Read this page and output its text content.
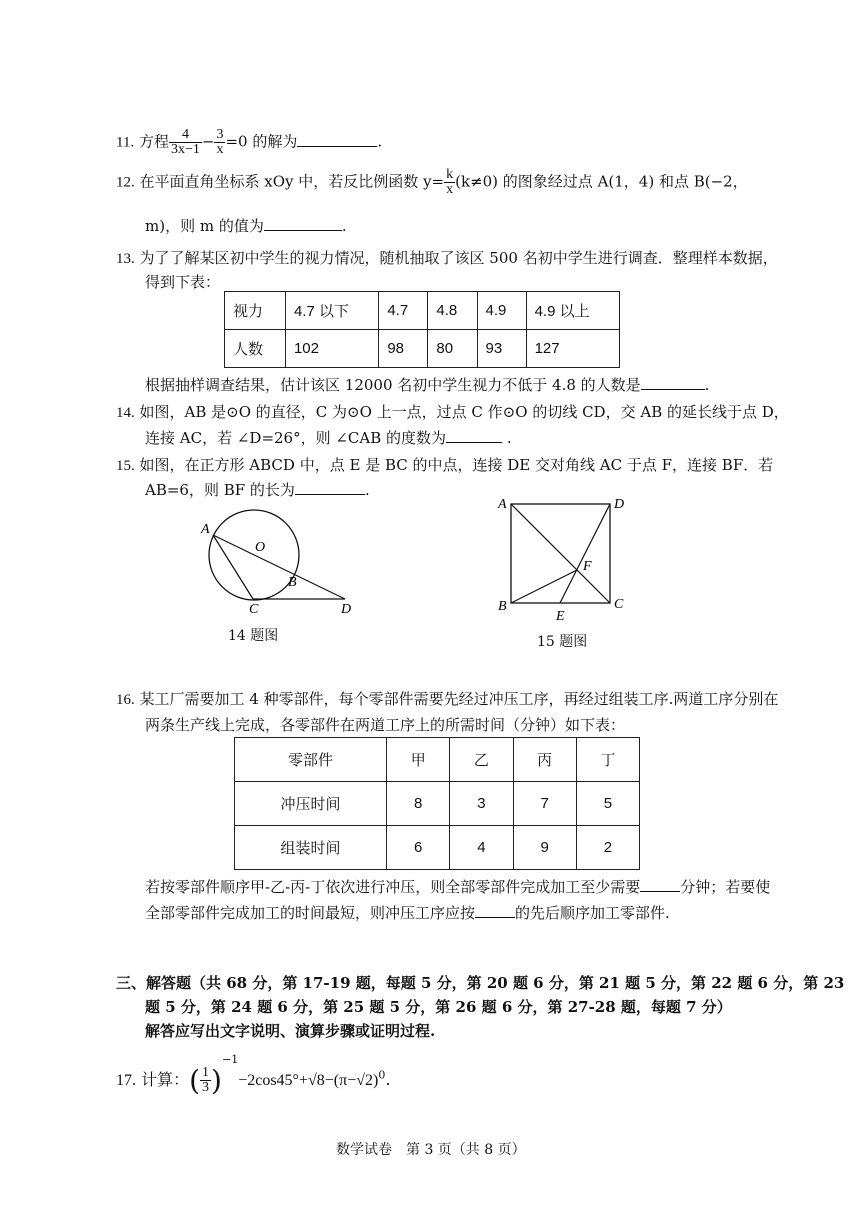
11. 方程 $\frac{4}{3x-1} - \frac{3}{x} =0$ 的解为	.
12. 在平面直角坐标系 xOy 中，若反比例函数 $y= \frac{k}{x} (k\ne 0)$ 的图象经过点 A(1，4) 和点 B(−2，
m)，则 m 的值为	.
13. 为了了解某区初中学生的视力情况，随机抽取了该区 500 名初中学生进行调查．整理样本数据，
得到下表：
视力	4.7 以下	4.7	4.8	4.9	4.9 以上
人数	102	98	80	93	127
根据抽样调查结果，估计该区 12000 名初中学生视力不低于 4.8 的人数是	.
14. 如图，AB 是⊙O 的直径，C 为⊙O 上一点，过点 C 作⊙O 的切线 CD，交 AB 的延长线于点 D，
连接 AC，若 ∠D=26°，则 ∠CAB 的度数为	.
15. 如图，在正方形 ABCD 中，点 E 是 BC 的中点，连接 DE 交对角线 AC 于点 F，连接 BF．若
AB=6，则 BF 的长为	.
A
O
B
C	D
14 题图
A	D
F
B
E
C
15 题图
16. 某工厂需要加工 4 种零部件，每个零部件需要先经过冲压工序，再经过组装工序.两道工序分别在
两条生产线上完成，各零部件在两道工序上的所需时间（分钟）如下表：
零部件	甲	乙	丙	丁
冲压时间	8	3	7	5
组装时间	6	4	9	2
若按零部件顺序甲-乙-丙-丁依次进行冲压，则全部零部件完成加工至少需要	分钟；若要使
全部零部件完成加工的时间最短，则冲压工序应按	的先后顺序加工零部件.
三、解答题（共 68 分，第 17-19 题，每题 5 分，第 20 题 6 分，第 21 题 5 分，第 22 题 6 分，第 23
题 5 分，第 24 题 6 分，第 25 题 5 分，第 26 题 6 分，第 27-28 题，每题 7 分）
解答应写出文字说明、演算步骤或证明过程.
17. 计算：( $\frac{1}{3} )^{-1}-2\cos 45^\circ+√8-(\pi-√2)^0$.
数学试卷　第 3 页（共 8 页）
